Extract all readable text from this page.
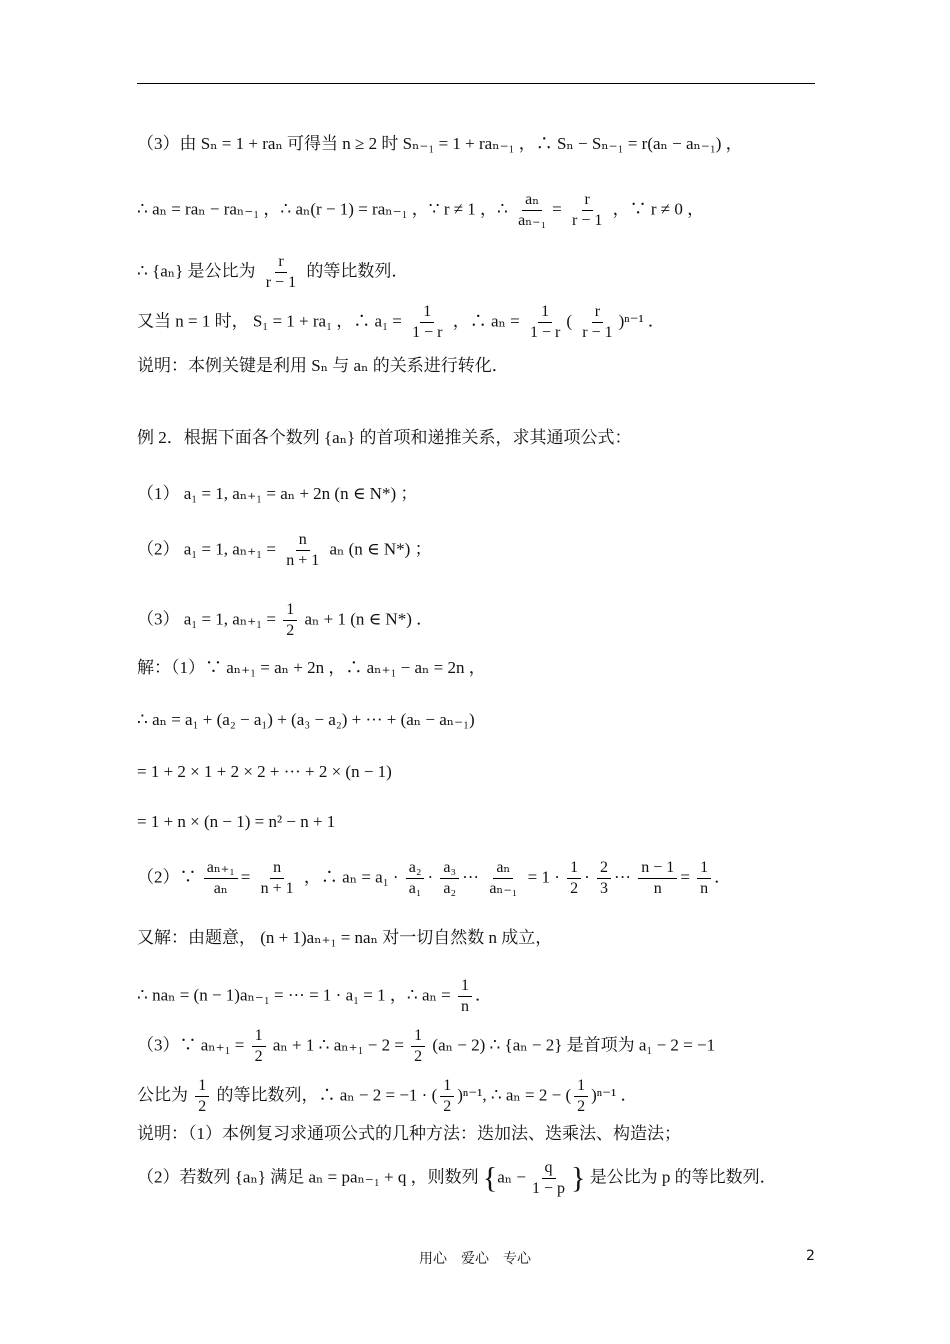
（3）由 Sₙ = 1 + raₙ 可得当 n ≥ 2 时 Sₙ₋₁ = 1 + raₙ₋₁ ，∴ Sₙ − Sₙ₋₁ = r(aₙ − aₙ₋₁) ，
∴ aₙ = raₙ − raₙ₋₁ ，∴ aₙ(r − 1) = raₙ₋₁ ，∵ r ≠ 1 ，∴ $\frac{\text{aₙ}}{\text{aₙ₋₁}} = \frac{r}{r - 1}$ ，∵ r ≠ 0 ，
∴ {aₙ} 是公比为 $\frac{r}{r - 1}$ 的等比数列．
又当 n = 1 时， S₁ = 1 + ra₁ ，∴ $a_1 = \frac{1}{1 - r}$ ，∴ $a_n = \frac{1}{1 - r}$ ( $\frac{r}{r - 1} )^{n-1}$ ．
说明：本例关键是利用 Sₙ 与 aₙ 的关系进行转化．
例 2．根据下面各个数列 {aₙ} 的首项和递推关系，求其通项公式：
（1） a₁ = 1, aₙ₊₁ = aₙ + 2n (n ∈ N*) ；
（2） a₁ = 1, $a_{n+1} = \frac{n}{n + 1}$ aₙ (n ∈ N*) ；
（3） a₁ = 1, $a_{n+1} = \frac{1}{2}$ aₙ + 1 (n ∈ N*) ．
解：（1）∵ aₙ₊₁ = aₙ + 2n ，∴ aₙ₊₁ − aₙ = 2n ，
∴ aₙ = a₁ + (a₂ − a₁) + (a₃ − a₂) + ··· + (aₙ − aₙ₋₁)
= 1 + 2 × 1 + 2 × 2 + ··· + 2 × (n − 1)
= 1 + n × (n − 1) = n² − n + 1
（2）∵ $\frac{\text{aₙ₊₁}}{\text{aₙ}} = \frac{n}{n + 1}$ ，∴ $a_n = a_1 \cdot \frac{\text{a₂}}{\text{a₁}} \cdot \frac{\text{a₃}}{\text{a₂}}$ ··· $\frac{\text{aₙ}}{\text{aₙ₋₁}} = 1 \cdot \frac{1}{2} \cdot \frac{2}{3}$ ··· $\frac{n - 1}{n} = \frac{1}{n}$ ．
又解：由题意， (n + 1)aₙ₊₁ = naₙ 对一切自然数 n 成立，
∴ naₙ = (n − 1)aₙ₋₁ = ··· = 1 · a₁ = 1 ，∴ $a_n = \frac{1}{n}$ ．
（3）∵ $a_{n+1} = \frac{1}{2}$ aₙ + 1 ∴ $a_{n+1} - 2 = \frac{1}{2} (a_n - 2)$ ∴ {aₙ − 2} 是首项为 a₁ − 2 = −1
公比为 $\frac{1}{2}$ 的等比数列，∴ aₙ − 2 = −1 · ( $\frac{1}{2} )^{n-1}$, ∴ aₙ = 2 − ( $\frac{1}{2} )^{n-1}$ ．
说明：（1）本例复习求通项公式的几种方法：迭加法、迭乘法、构造法；
（2）若数列 {aₙ} 满足 aₙ = paₙ₋₁ + q ，则数列 {$a_n - \frac{q}{1 - p}$ } 是公比为 p 的等比数列．
用心　爱心　专心	2
